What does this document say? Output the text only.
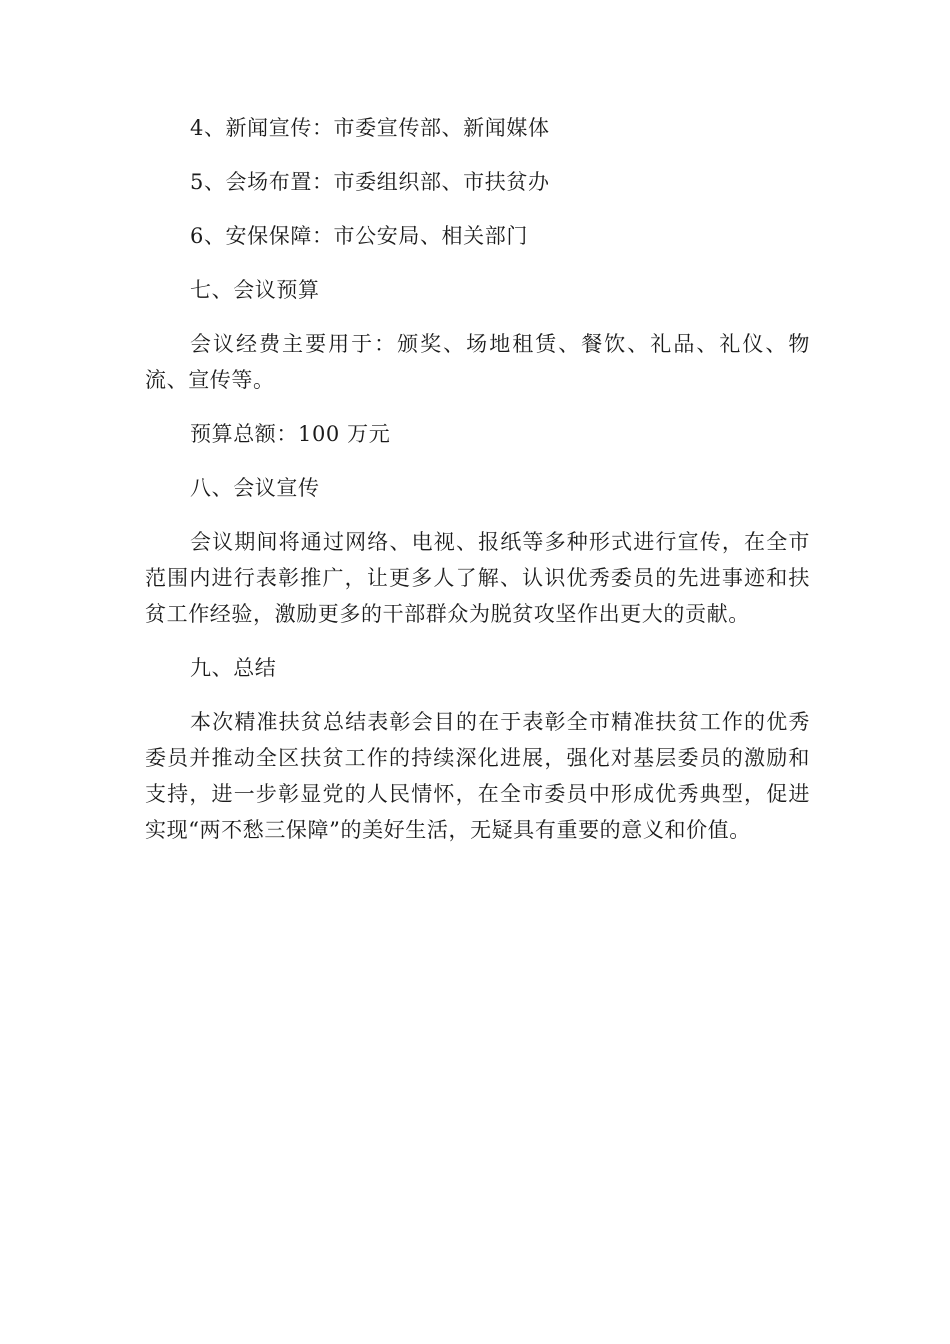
4、新闻宣传：市委宣传部、新闻媒体

5、会场布置：市委组织部、市扶贫办

6、安保保障：市公安局、相关部门

七、会议预算

会议经费主要用于：颁奖、场地租赁、餐饮、礼品、礼仪、物流、宣传等。

预算总额：100 万元

八、会议宣传

会议期间将通过网络、电视、报纸等多种形式进行宣传，在全市范围内进行表彰推广，让更多人了解、认识优秀委员的先进事迹和扶贫工作经验，激励更多的干部群众为脱贫攻坚作出更大的贡献。

九、总结

本次精准扶贫总结表彰会目的在于表彰全市精准扶贫工作的优秀委员并推动全区扶贫工作的持续深化进展，强化对基层委员的激励和支持，进一步彰显党的人民情怀，在全市委员中形成优秀典型，促进实现“两不愁三保障”的美好生活，无疑具有重要的意义和价值。
